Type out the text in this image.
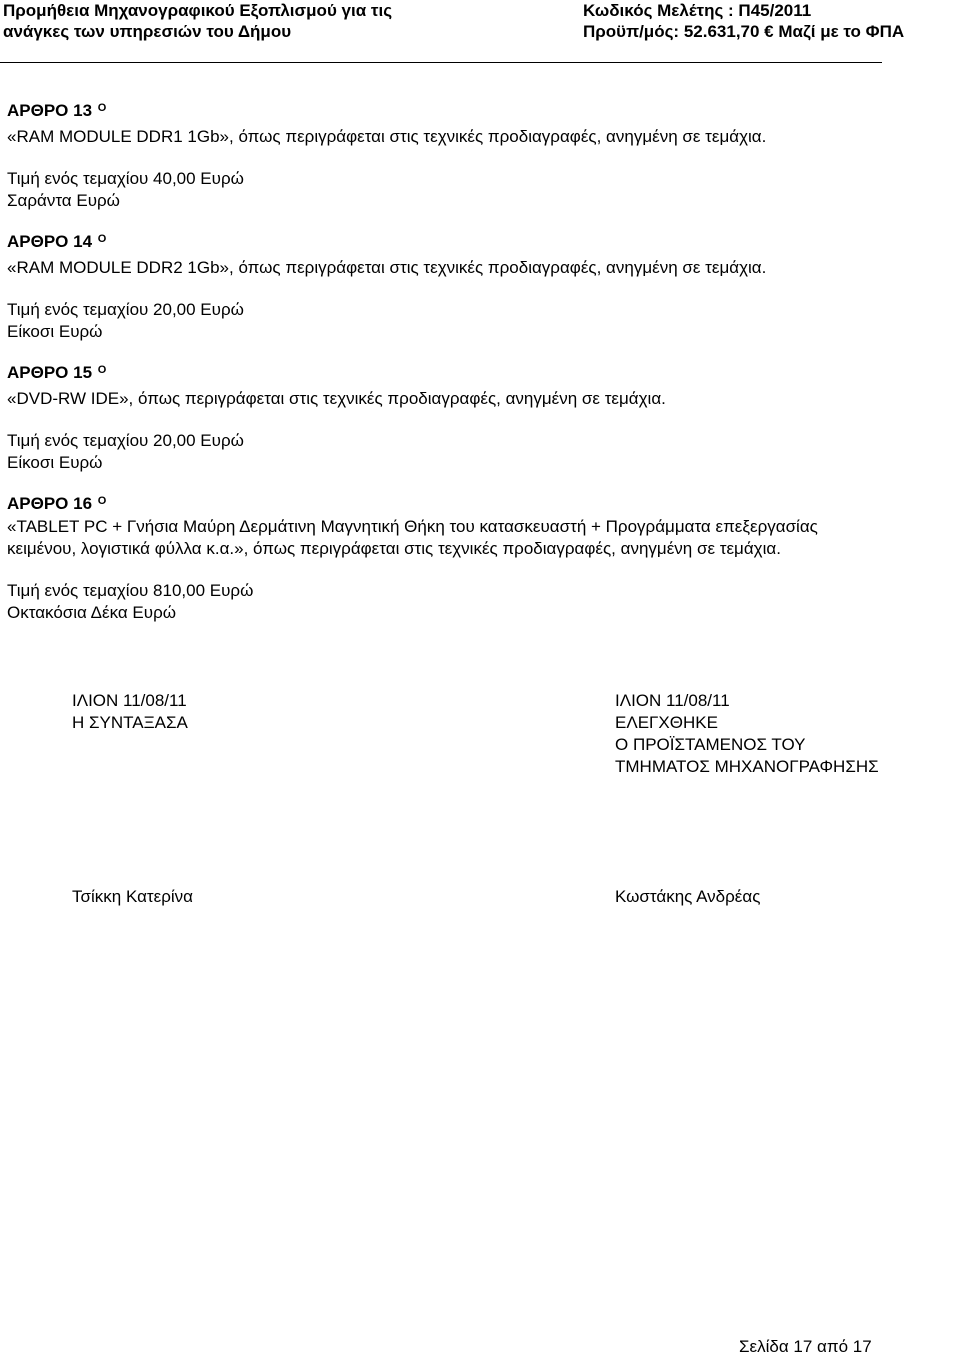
Προμήθεια Μηχανογραφικού Εξοπλισμού για τις
ανάγκες των υπηρεσιών του Δήμου
Κωδικός Μελέτης : Π45/2011
Προϋπ/μός: 52.631,70 € Μαζί με το ΦΠΑ
ΑΡΘΡΟ 13 $^O$
«RAM MODULE DDR1 1Gb», όπως περιγράφεται στις τεχνικές προδιαγραφές, ανηγμένη σε τεμάχια.
Τιμή ενός τεμαχίου 40,00 Ευρώ
Σαράντα Ευρώ
ΑΡΘΡΟ 14 $^O$
«RAM MODULE DDR2 1Gb», όπως περιγράφεται στις τεχνικές προδιαγραφές, ανηγμένη σε τεμάχια.
Τιμή ενός τεμαχίου 20,00 Ευρώ
Είκοσι Ευρώ
ΑΡΘΡΟ 15 $^O$
«DVD-RW IDE», όπως περιγράφεται στις τεχνικές προδιαγραφές, ανηγμένη σε τεμάχια.
Τιμή ενός τεμαχίου 20,00 Ευρώ
Είκοσι Ευρώ
ΑΡΘΡΟ 16 $^O$
«TABLET PC + Γνήσια Μαύρη Δερμάτινη Μαγνητική Θήκη του κατασκευαστή + Προγράμματα επεξεργασίας
κειμένου, λογιστικά φύλλα κ.α.», όπως περιγράφεται στις τεχνικές προδιαγραφές, ανηγμένη σε τεμάχια.
Τιμή ενός τεμαχίου 810,00 Ευρώ
Οκτακόσια Δέκα Ευρώ
ΙΛΙΟΝ 11/08/11
Η ΣΥΝΤΑΞΑΣΑ
Τσίκκη Κατερίνα
ΙΛΙΟΝ 11/08/11
ΕΛΕΓΧΘΗΚΕ
Ο ΠΡΟΪΣΤΑΜΕΝΟΣ ΤΟΥ
ΤΜΗΜΑΤΟΣ ΜΗΧΑΝΟΓΡΑΦΗΣΗΣ
Κωστάκης Ανδρέας
Σελίδα 17 από 17
